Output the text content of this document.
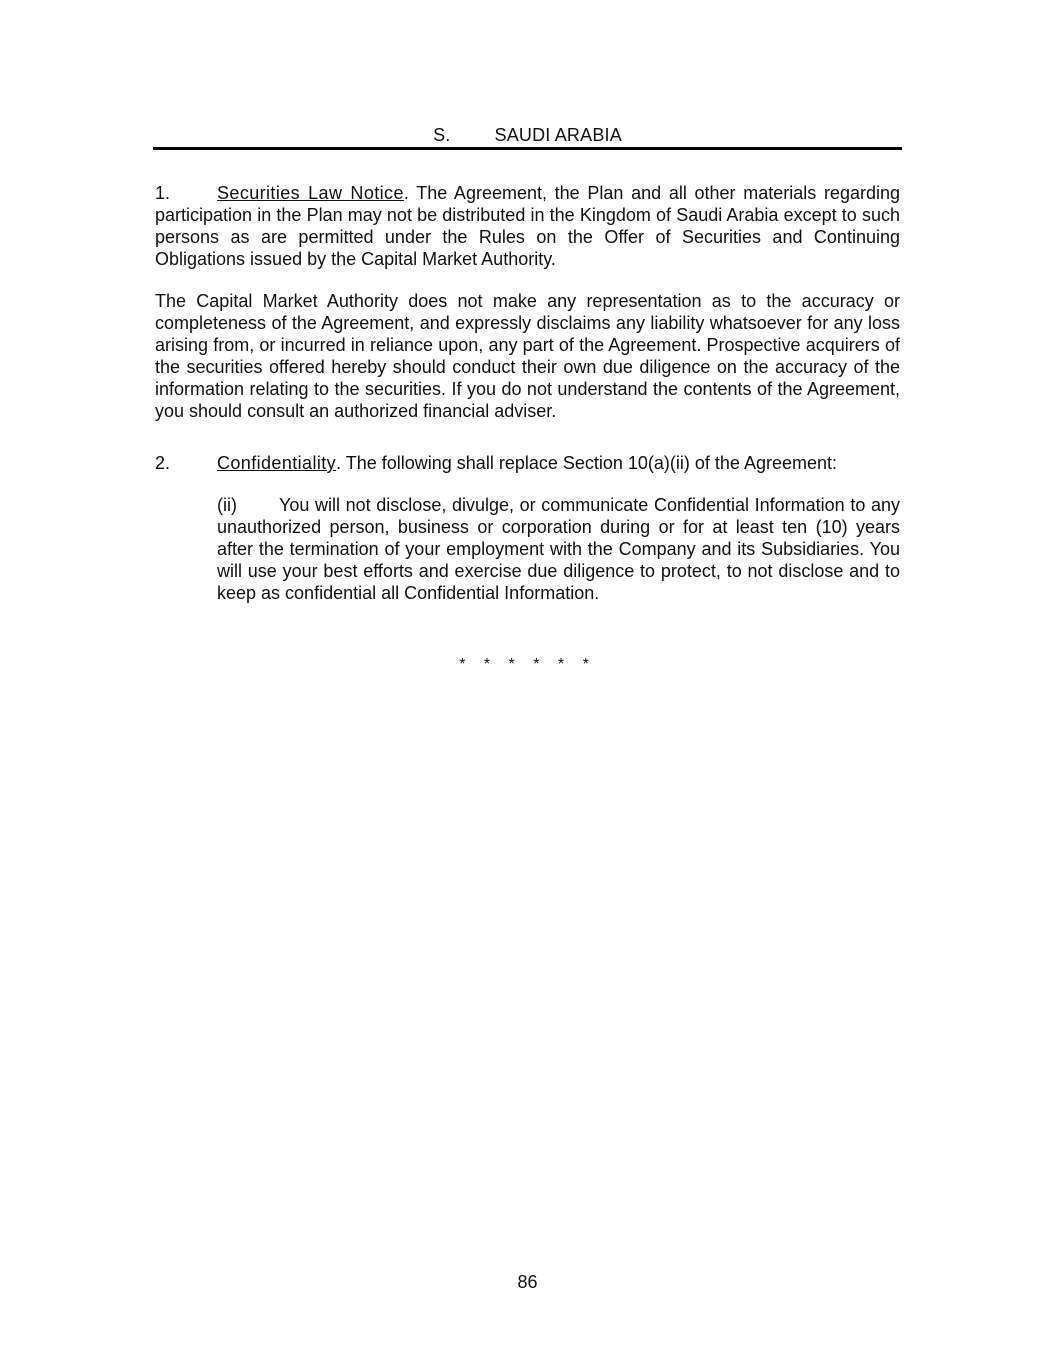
S. SAUDI ARABIA
1.	Securities Law Notice. The Agreement, the Plan and all other materials regarding participation in the Plan may not be distributed in the Kingdom of Saudi Arabia except to such persons as are permitted under the Rules on the Offer of Securities and Continuing Obligations issued by the Capital Market Authority.
The Capital Market Authority does not make any representation as to the accuracy or completeness of the Agreement, and expressly disclaims any liability whatsoever for any loss arising from, or incurred in reliance upon, any part of the Agreement. Prospective acquirers of the securities offered hereby should conduct their own due diligence on the accuracy of the information relating to the securities. If you do not understand the contents of the Agreement, you should consult an authorized financial adviser.
2.	Confidentiality. The following shall replace Section 10(a)(ii) of the Agreement:
(ii) You will not disclose, divulge, or communicate Confidential Information to any unauthorized person, business or corporation during or for at least ten (10) years after the termination of your employment with the Company and its Subsidiaries. You will use your best efforts and exercise due diligence to protect, to not disclose and to keep as confidential all Confidential Information.
* * * * * *
86
